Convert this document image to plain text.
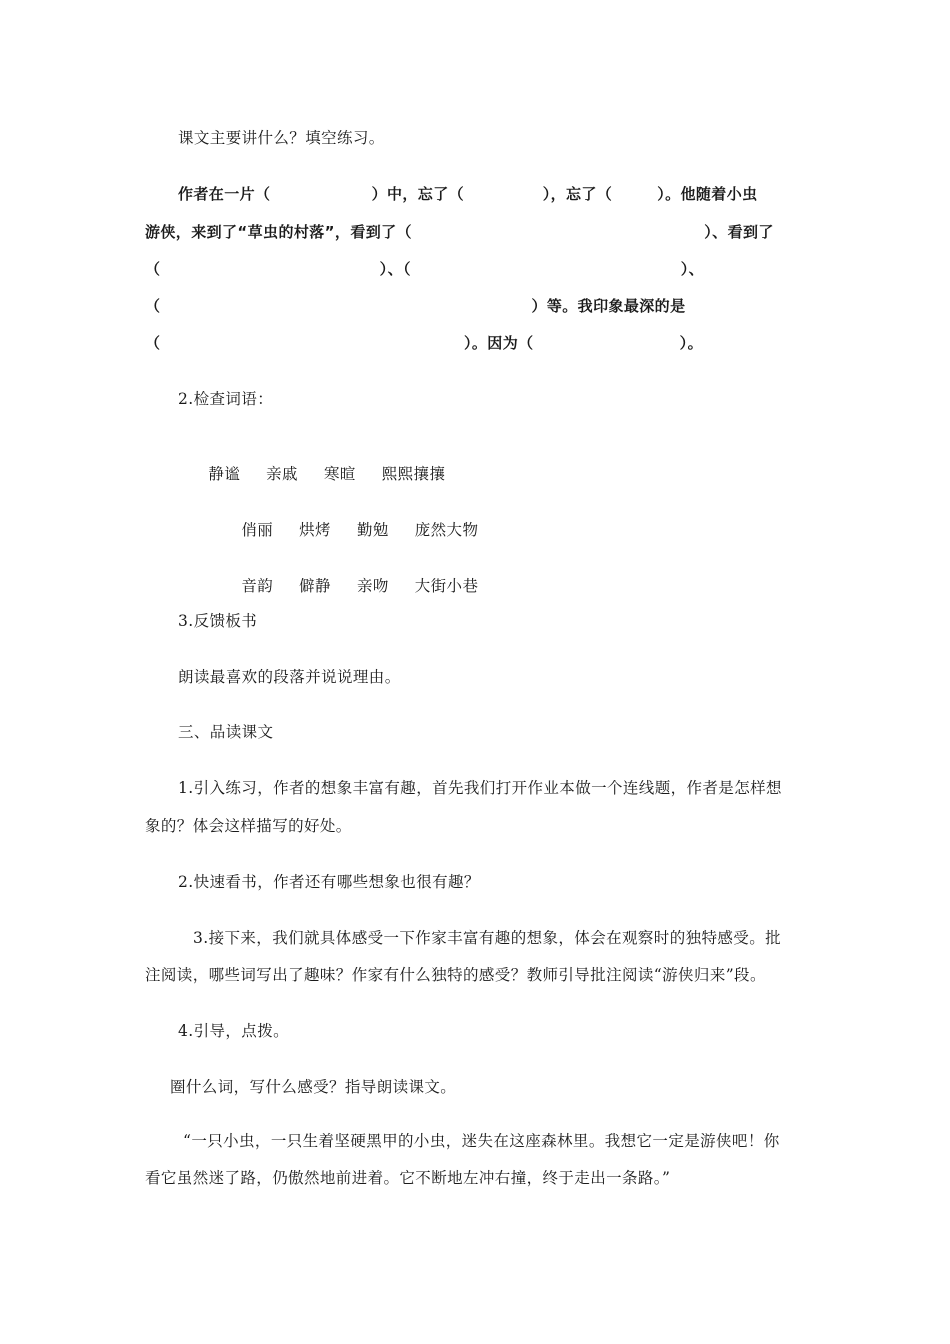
课文主要讲什么？填空练习。
作者在一片（                  ）中，忘了（              ），忘了（        ）。他随着小虫
游侠，来到了“草虫的村落”，看到了（                                                    ）、看到了
（                                       ）、（                                                ）、
（                                                                  ）等。我印象最深的是
（                                                      ）。因为（                          ）。
2.检查词语：

静谧 亲戚 寒暄 熙熙攘攘

俏丽 烘烤 勤勉 庞然大物

音韵 僻静 亲吻 大街小巷

3.反馈板书
朗读最喜欢的段落并说说理由。
三、品读课文
1.引入练习，作者的想象丰富有趣，首先我们打开作业本做一个连线题，作者是怎样想
象的？体会这样描写的好处。
2.快速看书，作者还有哪些想象也很有趣？
3.接下来，我们就具体感受一下作家丰富有趣的想象，体会在观察时的独特感受。批
注阅读，哪些词写出了趣味？作家有什么独特的感受？教师引导批注阅读“游侠归来”段。
4.引导，点拨。
圈什么词，写什么感受？指导朗读课文。
“一只小虫，一只生着坚硬黑甲的小虫，迷失在这座森林里。我想它一定是游侠吧！你
看它虽然迷了路，仍傲然地前进着。它不断地左冲右撞，终于走出一条路。”
